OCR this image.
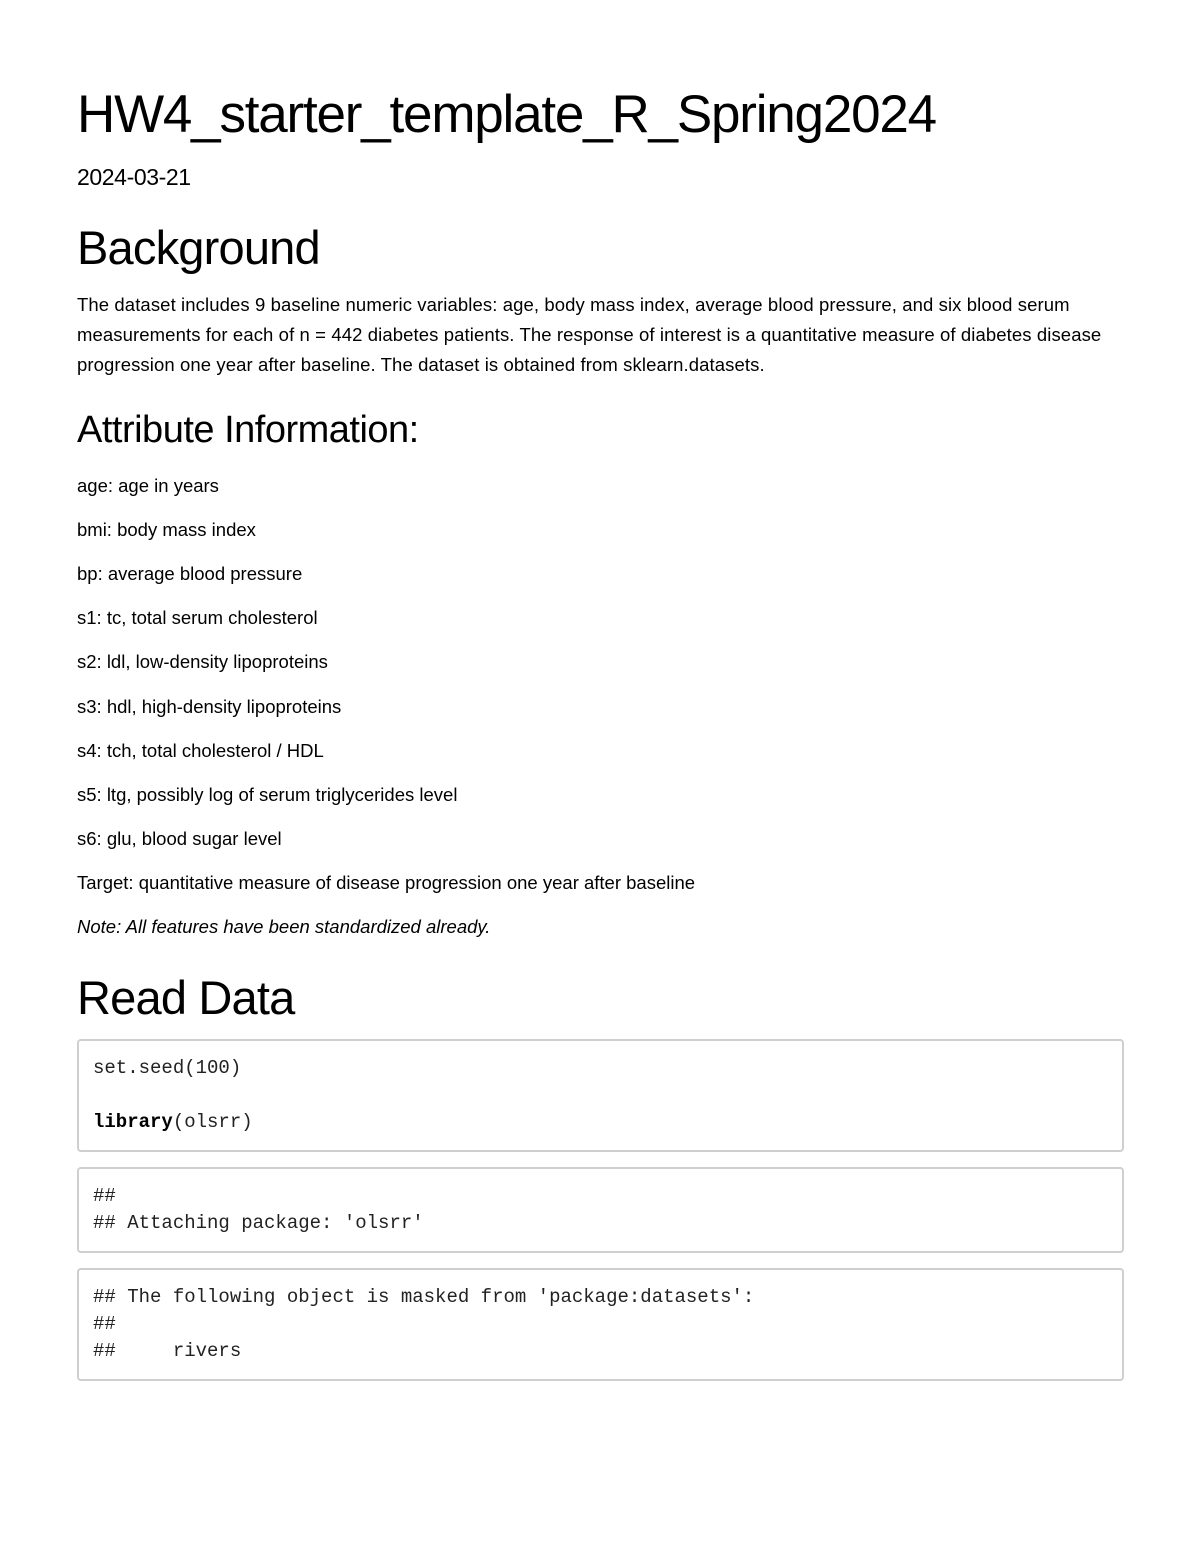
HW4_starter_template_R_Spring2024
2024-03-21
Background

The dataset includes 9 baseline numeric variables: age, body mass index, average blood pressure, and six blood serum measurements for each of n = 442 diabetes patients. The response of interest is a quantitative measure of diabetes disease progression one year after baseline. The dataset is obtained from sklearn.datasets.

Attribute Information:

age: age in years

bmi: body mass index

bp: average blood pressure

s1: tc, total serum cholesterol

s2: ldl, low-density lipoproteins

s3: hdl, high-density lipoproteins

s4: tch, total cholesterol / HDL

s5: ltg, possibly log of serum triglycerides level

s6: glu, blood sugar level

Target: quantitative measure of disease progression one year after baseline

Note: All features have been standardized already.

Read Data
set.seed(100)
library(olsrr)
##
## Attaching package: 'olsrr'
## The following object is masked from 'package:datasets':
##
##     rivers
